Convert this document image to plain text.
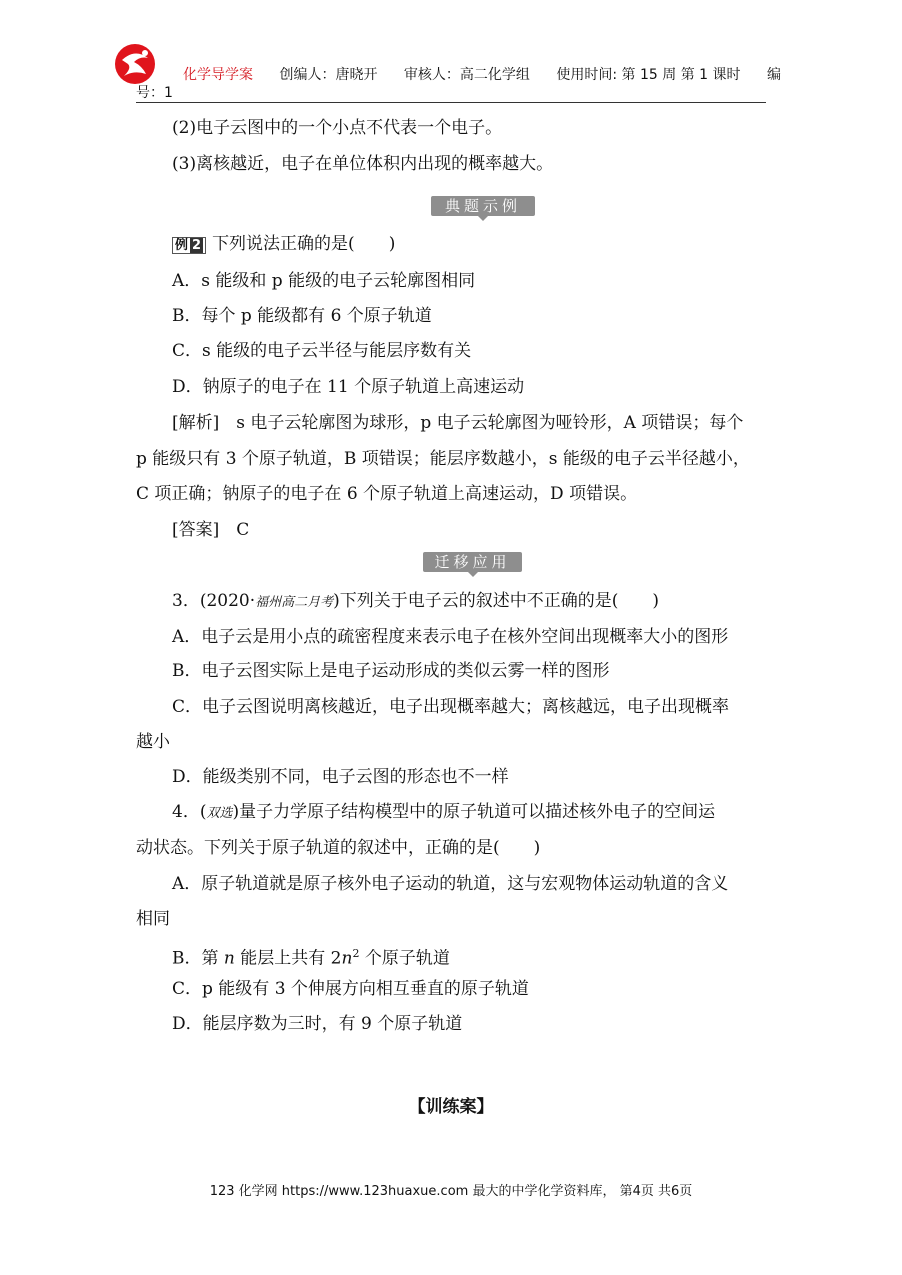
化学导学案 创编人：唐晓开 审核人：高二化学组 使用时间: 第 15 周 第 1 课时 编
号：1
(2)电子云图中的一个小点不代表一个电子。
(3)离核越近，电子在单位体积内出现的概率越大。
典题示例
例 2 下列说法正确的是(　　)
A．s 能级和 p 能级的电子云轮廓图相同
B．每个 p 能级都有 6 个原子轨道
C．s 能级的电子云半径与能层序数有关
D．钠原子的电子在 11 个原子轨道上高速运动
[解析]　s 电子云轮廓图为球形，p 电子云轮廓图为哑铃形，A 项错误；每个
p 能级只有 3 个原子轨道，B 项错误；能层序数越小，s 能级的电子云半径越小，
C 项正确；钠原子的电子在 6 个原子轨道上高速运动，D 项错误。
[答案]　C
迁移应用
3．(2020·福州高二月考)下列关于电子云的叙述中不正确的是(　　)
A．电子云是用小点的疏密程度来表示电子在核外空间出现概率大小的图形
B．电子云图实际上是电子运动形成的类似云雾一样的图形
C．电子云图说明离核越近，电子出现概率越大；离核越远，电子出现概率
越小
D．能级类别不同，电子云图的形态也不一样
4．(双选)量子力学原子结构模型中的原子轨道可以描述核外电子的空间运
动状态。下列关于原子轨道的叙述中，正确的是(　　)
A．原子轨道就是原子核外电子运动的轨道，这与宏观物体运动轨道的含义
相同
B．第 n 能层上共有 $2n^2$ 个原子轨道
C．p 能级有 3 个伸展方向相互垂直的原子轨道
D．能层序数为三时，有 9 个原子轨道
【训练案】
123 化学网 https://www.123huaxue.com 最大的中学化学资料库， 第4页 共6页
